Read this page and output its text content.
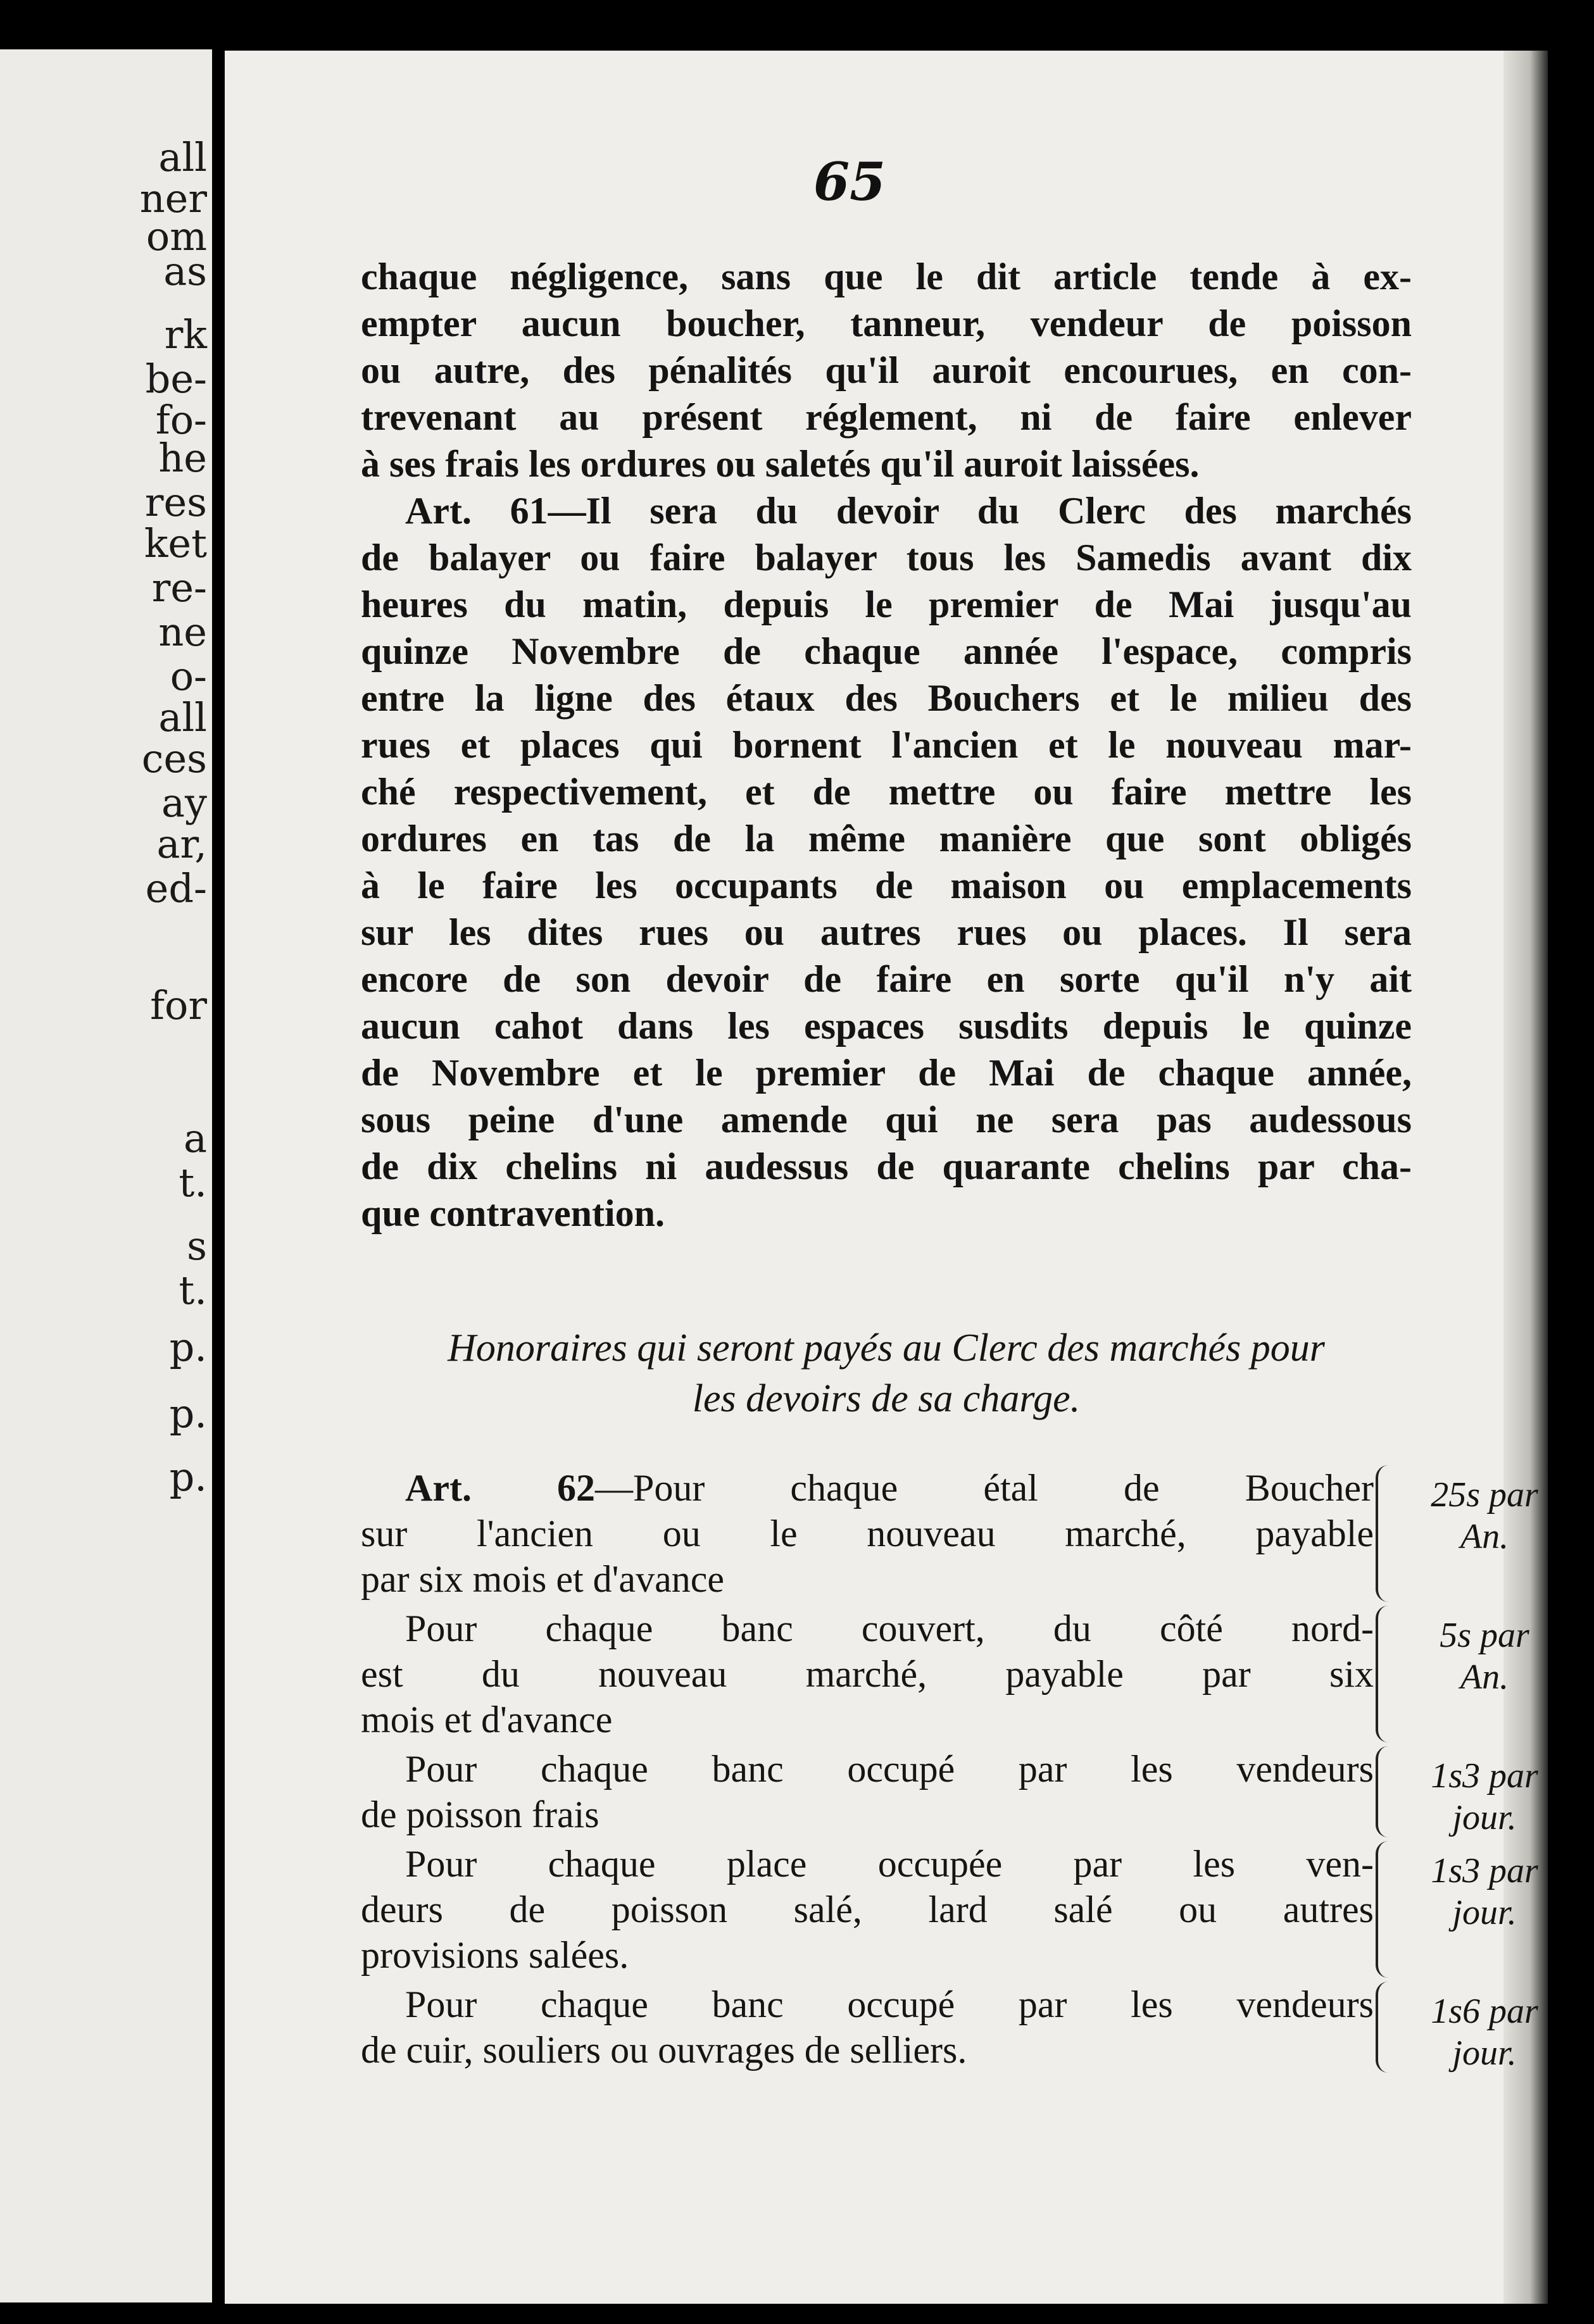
all
ner
om
as
rk
be-
fo-
he
res
ket
re-
ne
o-
all
ces
ay
ar,
ed-
for
a
t.
s
t.
p.
p.
p.
65
chaque négligence, sans que le dit article tende à ex-
empter aucun boucher, tanneur, vendeur de poisson
ou autre, des pénalités qu'il auroit encourues, en con-
trevenant au présent réglement, ni de faire enlever
à ses frais les ordures ou saletés qu'il auroit laissées.
Art. 61—Il sera du devoir du Clerc des marchés
de balayer ou faire balayer tous les Samedis avant dix
heures du matin, depuis le premier de Mai jusqu'au
quinze Novembre de chaque année l'espace, compris
entre la ligne des étaux des Bouchers et le milieu des
rues et places qui bornent l'ancien et le nouveau mar-
ché respectivement, et de mettre ou faire mettre les
ordures en tas de la même manière que sont obligés
à le faire les occupants de maison ou emplacements
sur les dites rues ou autres rues ou places. Il sera
encore de son devoir de faire en sorte qu'il n'y ait
aucun cahot dans les espaces susdits depuis le quinze
de Novembre et le premier de Mai de chaque année,
sous peine d'une amende qui ne sera pas audessous
de dix chelins ni audessus de quarante chelins par cha-
que contravention.
Honoraires qui seront payés au Clerc des marchés pour
les devoirs de sa charge.
Art. 62—Pour chaque étal de Boucher
sur l'ancien ou le nouveau marché, payable
par six mois et d'avance
25s par
An.
Pour chaque banc couvert, du côté nord-
est du nouveau marché, payable par six
mois et d'avance
5s par
An.
Pour chaque banc occupé par les vendeurs
de poisson frais
1s3 par
jour.
Pour chaque place occupée par les ven-
deurs de poisson salé, lard salé ou autres
provisions salées.
1s3 par
jour.
Pour chaque banc occupé par les vendeurs
de cuir, souliers ou ouvrages de selliers.
1s6 par
jour.
